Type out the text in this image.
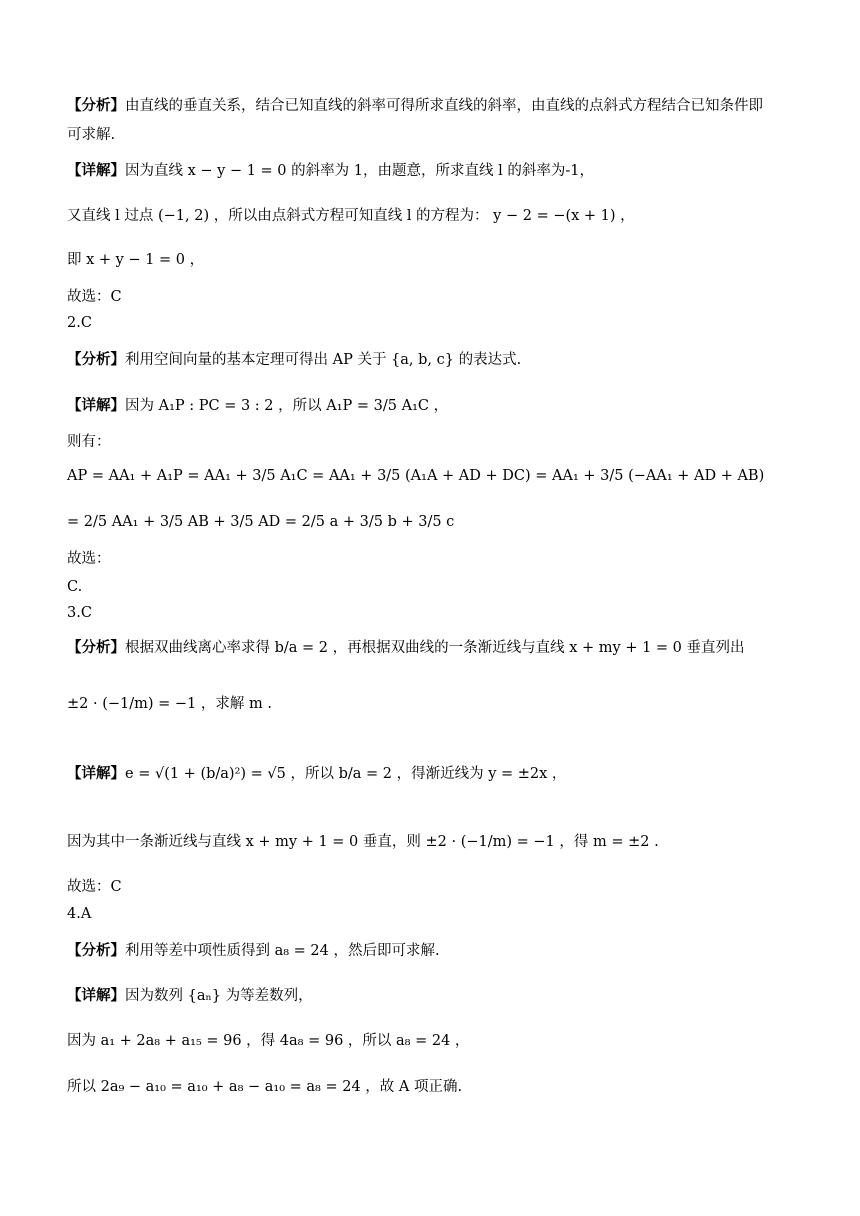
【分析】由直线的垂直关系，结合已知直线的斜率可得所求直线的斜率，由直线的点斜式方程结合已知条件即
可求解.
【详解】因为直线 x − y − 1 = 0 的斜率为 1，由题意，所求直线 l 的斜率为-1，
又直线 l 过点 (−1, 2) ，所以由点斜式方程可知直线 l 的方程为： y − 2 = −(x + 1) ，
即 x + y − 1 = 0 ，
故选：C
2.C
【分析】利用空间向量的基本定理可得出 AP 关于 {a, b, c} 的表达式.
【详解】因为 A₁P : PC = 3 : 2 ，所以 A₁P = 3/5 A₁C ，
则有：
AP = AA₁ + A₁P = AA₁ + 3/5 A₁C = AA₁ + 3/5 (A₁A + AD + DC) = AA₁ + 3/5 (−AA₁ + AD + AB)
= 2/5 AA₁ + 3/5 AB + 3/5 AD = 2/5 a + 3/5 b + 3/5 c
故选：
C.
3.C
【分析】根据双曲线离心率求得 b/a = 2 ，再根据双曲线的一条渐近线与直线 x + my + 1 = 0 垂直列出
±2 · (−1/m) = −1 ，求解 m .
【详解】e = √(1 + (b/a)²) = √5 ，所以 b/a = 2 ，得渐近线为 y = ±2x ，
因为其中一条渐近线与直线 x + my + 1 = 0 垂直，则 ±2 · (−1/m) = −1 ，得 m = ±2 .
故选：C
4.A
【分析】利用等差中项性质得到 a₈ = 24 ，然后即可求解.
【详解】因为数列 {aₙ} 为等差数列，
因为 a₁ + 2a₈ + a₁₅ = 96 ，得 4a₈ = 96 ，所以 a₈ = 24 ，
所以 2a₉ − a₁₀ = a₁₀ + a₈ − a₁₀ = a₈ = 24 ，故 A 项正确.
